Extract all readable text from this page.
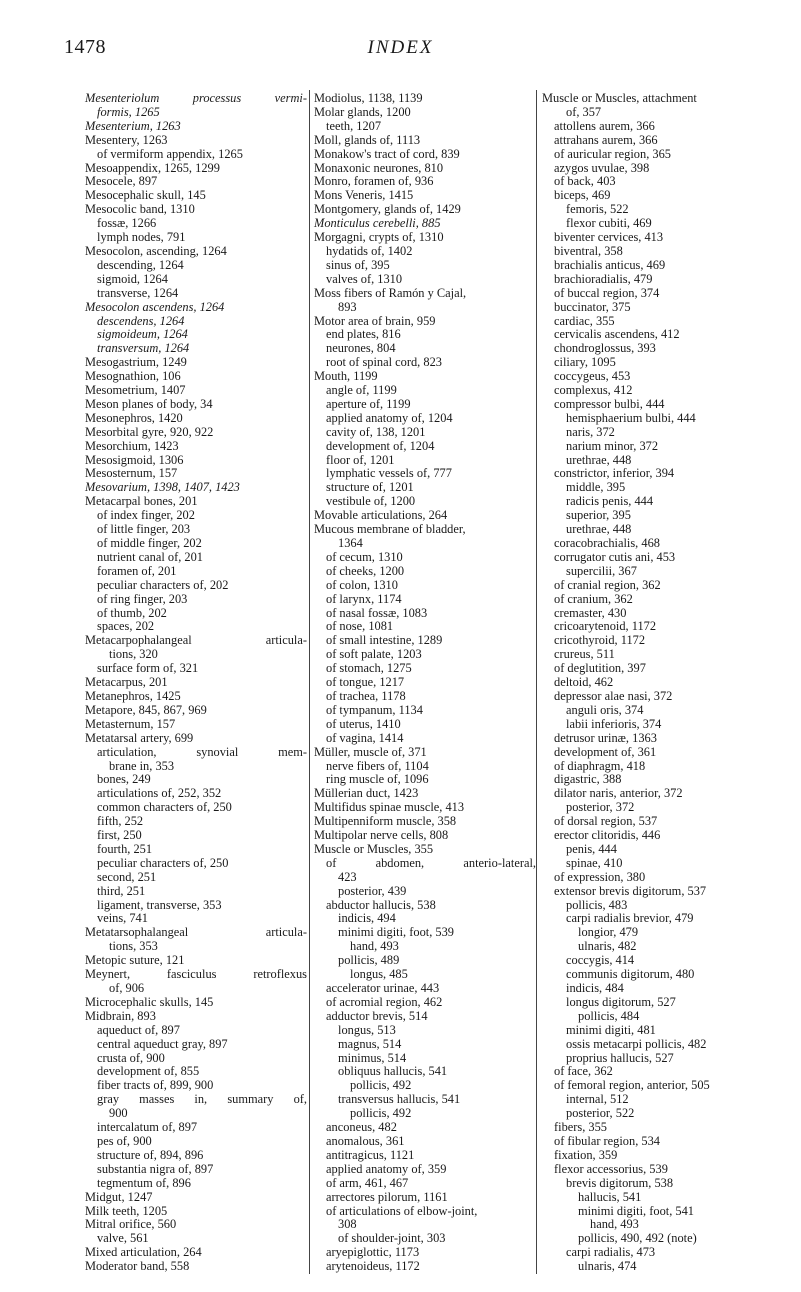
1478	INDEX
Mesenteriolum	processus	vermi-
formis, 1265
Mesenterium, 1263
Mesentery, 1263
of vermiform appendix, 1265
Mesoappendix, 1265, 1299
Mesocele, 897
Mesocephalic skull, 145
Mesocolic band, 1310
fossæ, 1266
lymph nodes, 791
Mesocolon, ascending, 1264
descending, 1264
sigmoid, 1264
transverse, 1264
Mesocolon ascendens, 1264
descendens, 1264
sigmoideum, 1264
transversum, 1264
Mesogastrium, 1249
Mesognathion, 106
Mesometrium, 1407
Meson planes of body, 34
Mesonephros, 1420
Mesorbital gyre, 920, 922
Mesorchium, 1423
Mesosigmoid, 1306
Mesosternum, 157
Mesovarium, 1398, 1407, 1423
Metacarpal bones, 201
of index finger, 202
of little finger, 203
of middle finger, 202
nutrient canal of, 201
foramen of, 201
peculiar characters of, 202
of ring finger, 203
of thumb, 202
spaces, 202
Metacarpophalangeal	articula-
tions, 320
surface form of, 321
Metacarpus, 201
Metanephros, 1425
Metapore, 845, 867, 969
Metasternum, 157
Metatarsal artery, 699
articulation,	synovial	mem-
brane in, 353
bones, 249
articulations of, 252, 352
common characters of, 250
fifth, 252
first, 250
fourth, 251
peculiar characters of, 250
second, 251
third, 251
ligament, transverse, 353
veins, 741
Metatarsophalangeal	articula-
tions, 353
Metopic suture, 121
Meynert,	fasciculus	retroflexus
of, 906
Microcephalic skulls, 145
Midbrain, 893
aqueduct of, 897
central aqueduct gray, 897
crusta of, 900
development of, 855
fiber tracts of, 899, 900
gray masses in, summary of,
900
intercalatum of, 897
pes of, 900
structure of, 894, 896
substantia nigra of, 897
tegmentum of, 896
Midgut, 1247
Milk teeth, 1205
Mitral orifice, 560
valve, 561
Mixed articulation, 264
Moderator band, 558
Modiolus, 1138, 1139
Molar glands, 1200
teeth, 1207
Moll, glands of, 1113
Monakow's tract of cord, 839
Monaxonic neurones, 810
Monro, foramen of, 936
Mons Veneris, 1415
Montgomery, glands of, 1429
Monticulus cerebelli, 885
Morgagni, crypts of, 1310
hydatids of, 1402
sinus of, 395
valves of, 1310
Moss fibers of Ramón y Cajal,
893
Motor area of brain, 959
end plates, 816
neurones, 804
root of spinal cord, 823
Mouth, 1199
angle of, 1199
aperture of, 1199
applied anatomy of, 1204
cavity of, 138, 1201
development of, 1204
floor of, 1201
lymphatic vessels of, 777
structure of, 1201
vestibule of, 1200
Movable articulations, 264
Mucous membrane of bladder,
1364
of cecum, 1310
of cheeks, 1200
of colon, 1310
of larynx, 1174
of nasal fossæ, 1083
of nose, 1081
of small intestine, 1289
of soft palate, 1203
of stomach, 1275
of tongue, 1217
of trachea, 1178
of tympanum, 1134
of uterus, 1410
of vagina, 1414
Müller, muscle of, 371
nerve fibers of, 1104
ring muscle of, 1096
Müllerian duct, 1423
Multifidus spinae muscle, 413
Multipenniform muscle, 358
Multipolar nerve cells, 808
Muscle or Muscles, 355
of	abdomen,	anterio-lateral,
423
posterior, 439
abductor hallucis, 538
indicis, 494
minimi digiti, foot, 539
hand, 493
pollicis, 489
longus, 485
accelerator urinae, 443
of acromial region, 462
adductor brevis, 514
longus, 513
magnus, 514
minimus, 514
obliquus hallucis, 541
pollicis, 492
transversus hallucis, 541
pollicis, 492
anconeus, 482
anomalous, 361
antitragicus, 1121
applied anatomy of, 359
of arm, 461, 467
arrectores pilorum, 1161
of articulations of elbow-joint,
308
of shoulder-joint, 303
aryepiglottic, 1173
arytenoideus, 1172
Muscle or Muscles, attachment
of, 357
attollens aurem, 366
attrahans aurem, 366
of auricular region, 365
azygos uvulae, 398
of back, 403
biceps, 469
femoris, 522
flexor cubiti, 469
biventer cervices, 413
biventral, 358
brachialis anticus, 469
brachioradialis, 479
of buccal region, 374
buccinator, 375
cardiac, 355
cervicalis ascendens, 412
chondroglossus, 393
ciliary, 1095
coccygeus, 453
complexus, 412
compressor bulbi, 444
hemisphaerium bulbi, 444
naris, 372
narium minor, 372
urethrae, 448
constrictor, inferior, 394
middle, 395
radicis penis, 444
superior, 395
urethrae, 448
coracobrachialis, 468
corrugator cutis ani, 453
supercilii, 367
of cranial region, 362
of cranium, 362
cremaster, 430
cricoarytenoid, 1172
cricothyroid, 1172
crureus, 511
of deglutition, 397
deltoid, 462
depressor alae nasi, 372
anguli oris, 374
labii inferioris, 374
detrusor urinæ, 1363
development of, 361
of diaphragm, 418
digastric, 388
dilator naris, anterior, 372
posterior, 372
of dorsal region, 537
erector clitoridis, 446
penis, 444
spinae, 410
of expression, 380
extensor brevis digitorum, 537
pollicis, 483
carpi radialis brevior, 479
longior, 479
ulnaris, 482
coccygis, 414
communis digitorum, 480
indicis, 484
longus digitorum, 527
pollicis, 484
minimi digiti, 481
ossis metacarpi pollicis, 482
proprius hallucis, 527
of face, 362
of femoral region, anterior, 505
internal, 512
posterior, 522
fibers, 355
of fibular region, 534
fixation, 359
flexor accessorius, 539
brevis digitorum, 538
hallucis, 541
minimi digiti, foot, 541
hand, 493
pollicis, 490, 492 (note)
carpi radialis, 473
ulnaris, 474
